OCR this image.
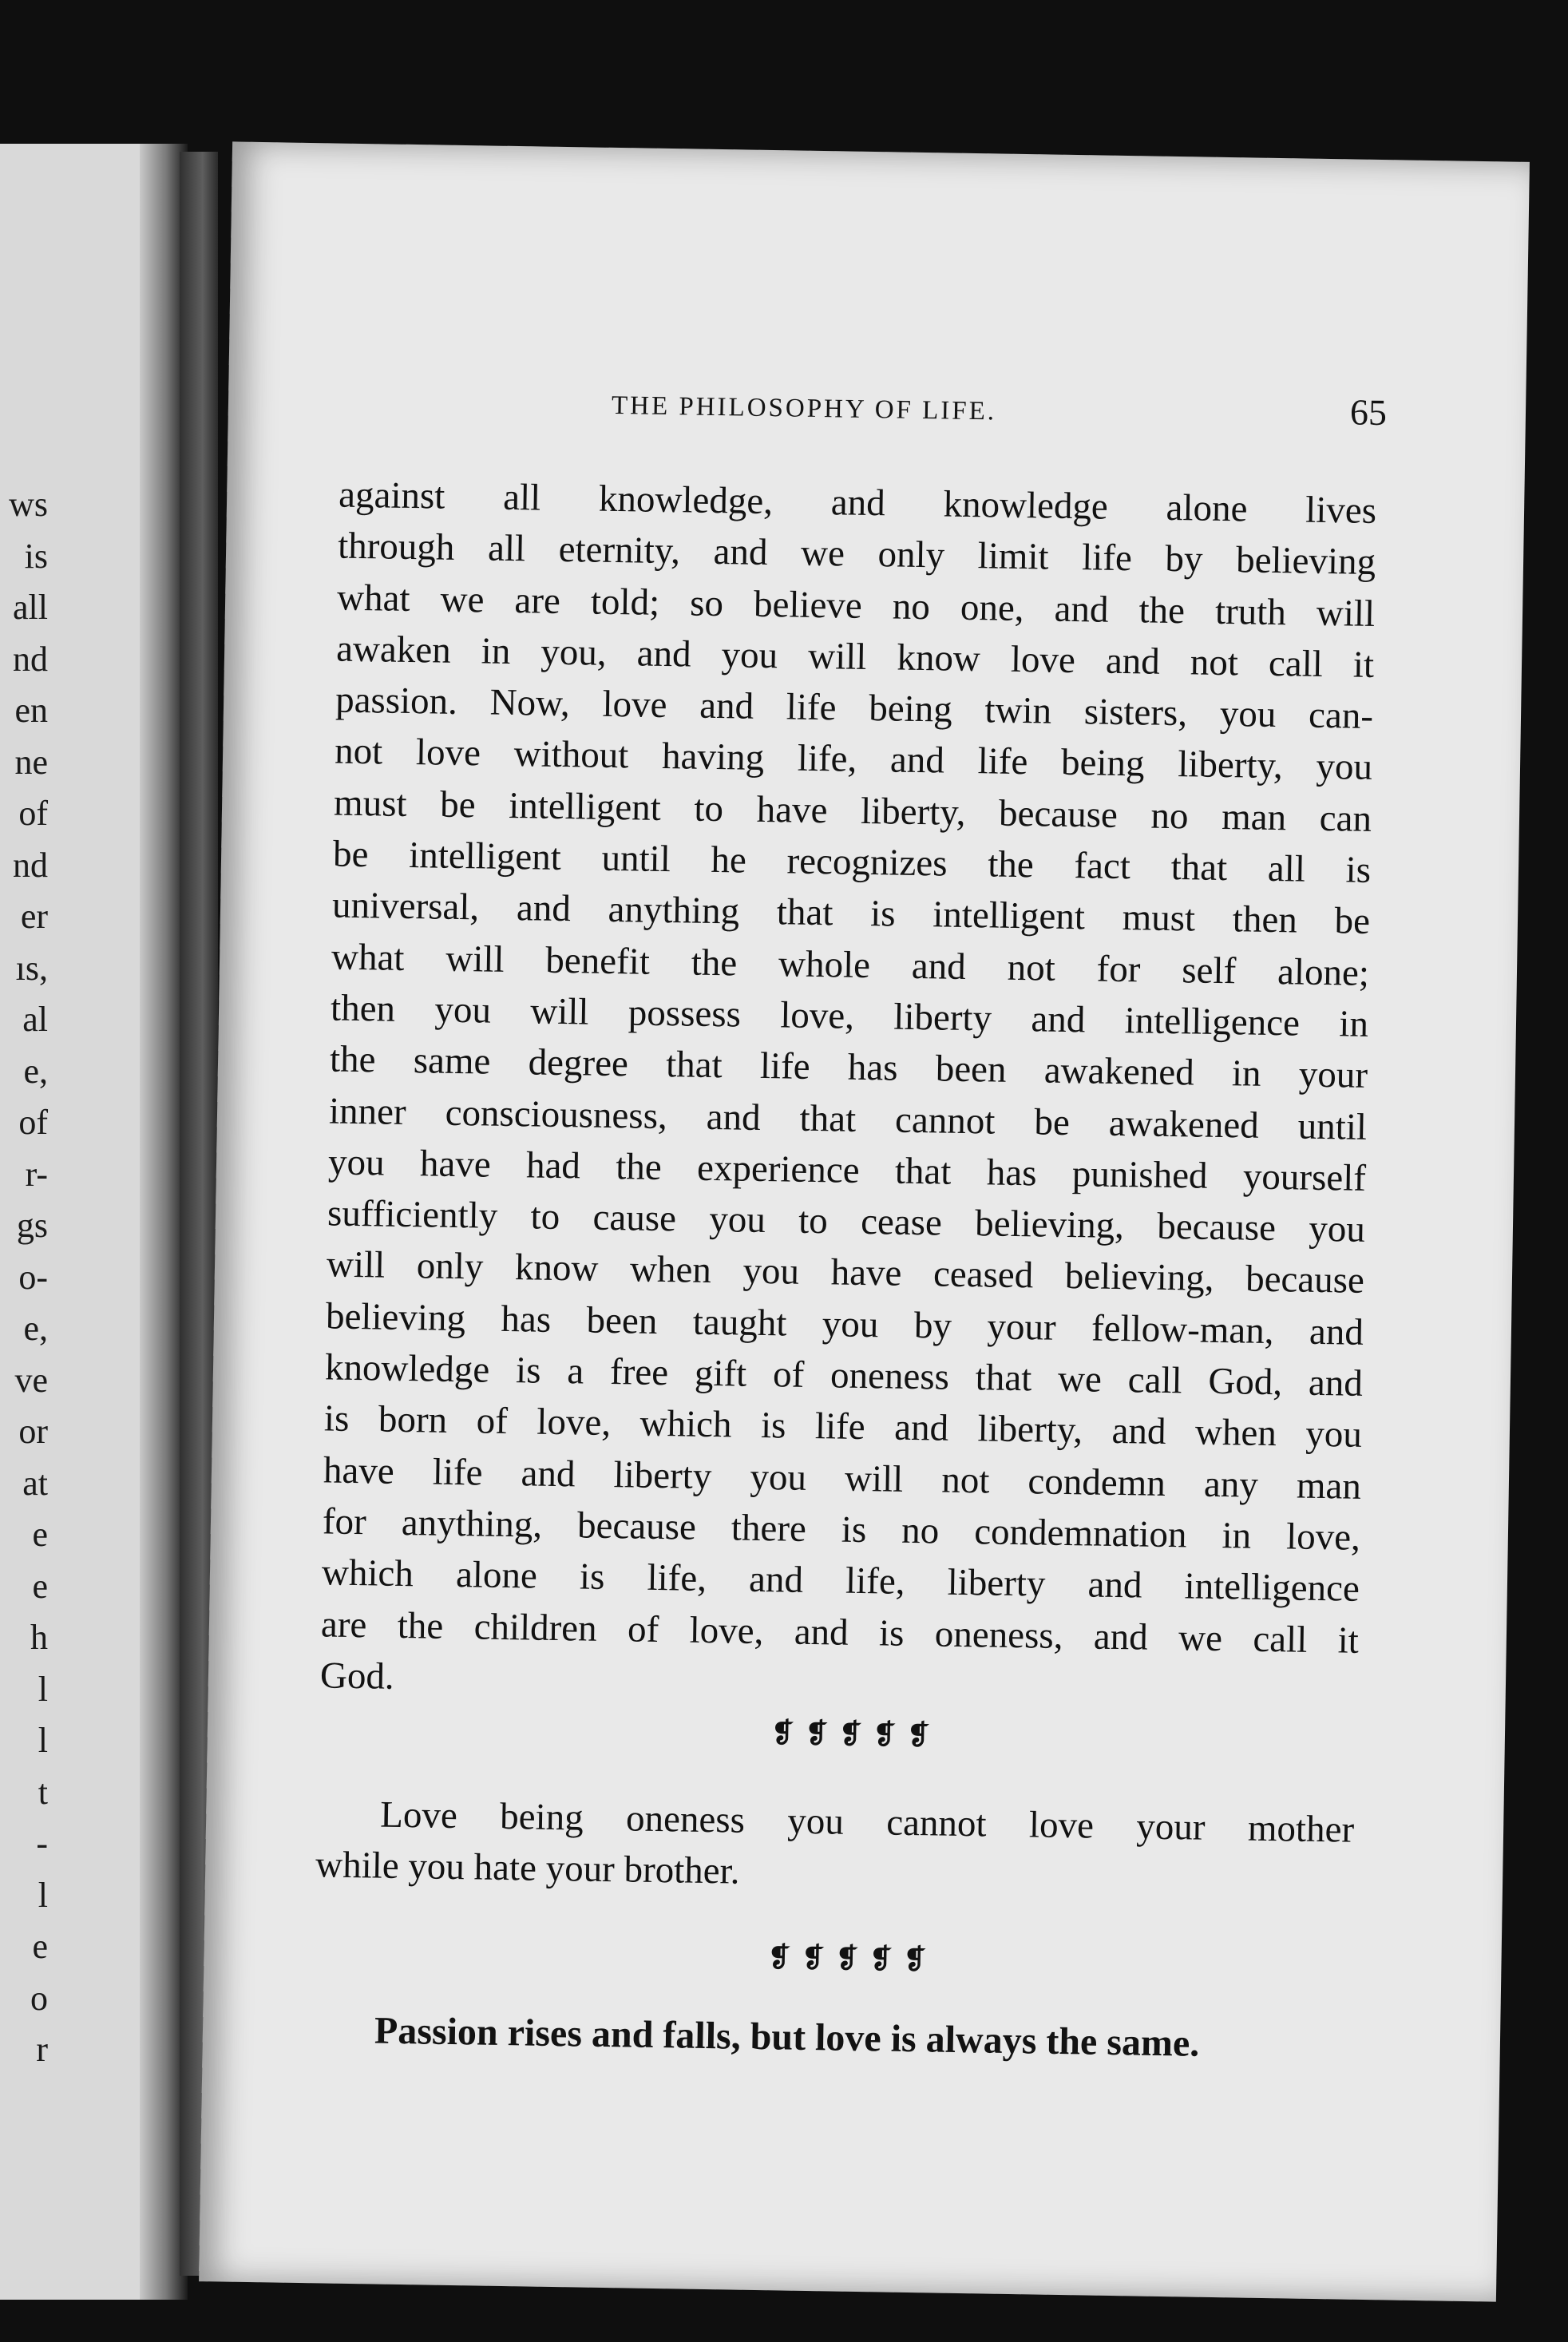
ws
is
all
nd
en
ne
of
nd
er
ıs,
al
e,
of
r-
gs
o-
e,
ve
or
at
e
e
h
l
l
t
-
l
e
o
r
THE PHILOSOPHY OF LIFE.	65
against all knowledge, and knowledge alone lives
through all eternity, and we only limit life by believing
what we are told; so believe no one, and the truth will
awaken in you, and you will know love and not call it
passion. Now, love and life being twin sisters, you can-
not love without having life, and life being liberty, you
must be intelligent to have liberty, because no man can
be intelligent until he recognizes the fact that all is
universal, and anything that is intelligent must then be
what will benefit the whole and not for self alone;
then you will possess love, liberty and intelligence in
the same degree that life has been awakened in your
inner consciousness, and that cannot be awakened until
you have had the experience that has punished yourself
sufficiently to cause you to cease believing, because you
will only know when you have ceased believing, because
believing has been taught you by your fellow-man, and
knowledge is a free gift of oneness that we call God, and
is born of love, which is life and liberty, and when you
have life and liberty you will not condemn any man
for anything, because there is no condemnation in love,
which alone is life, and life, liberty and intelligence
are the children of love, and is oneness, and we call it
God.
❡❡❡❡❡
Love being oneness you cannot love your mother
while you hate your brother.
❡❡❡❡❡
Passion rises and falls, but love is always the same.
